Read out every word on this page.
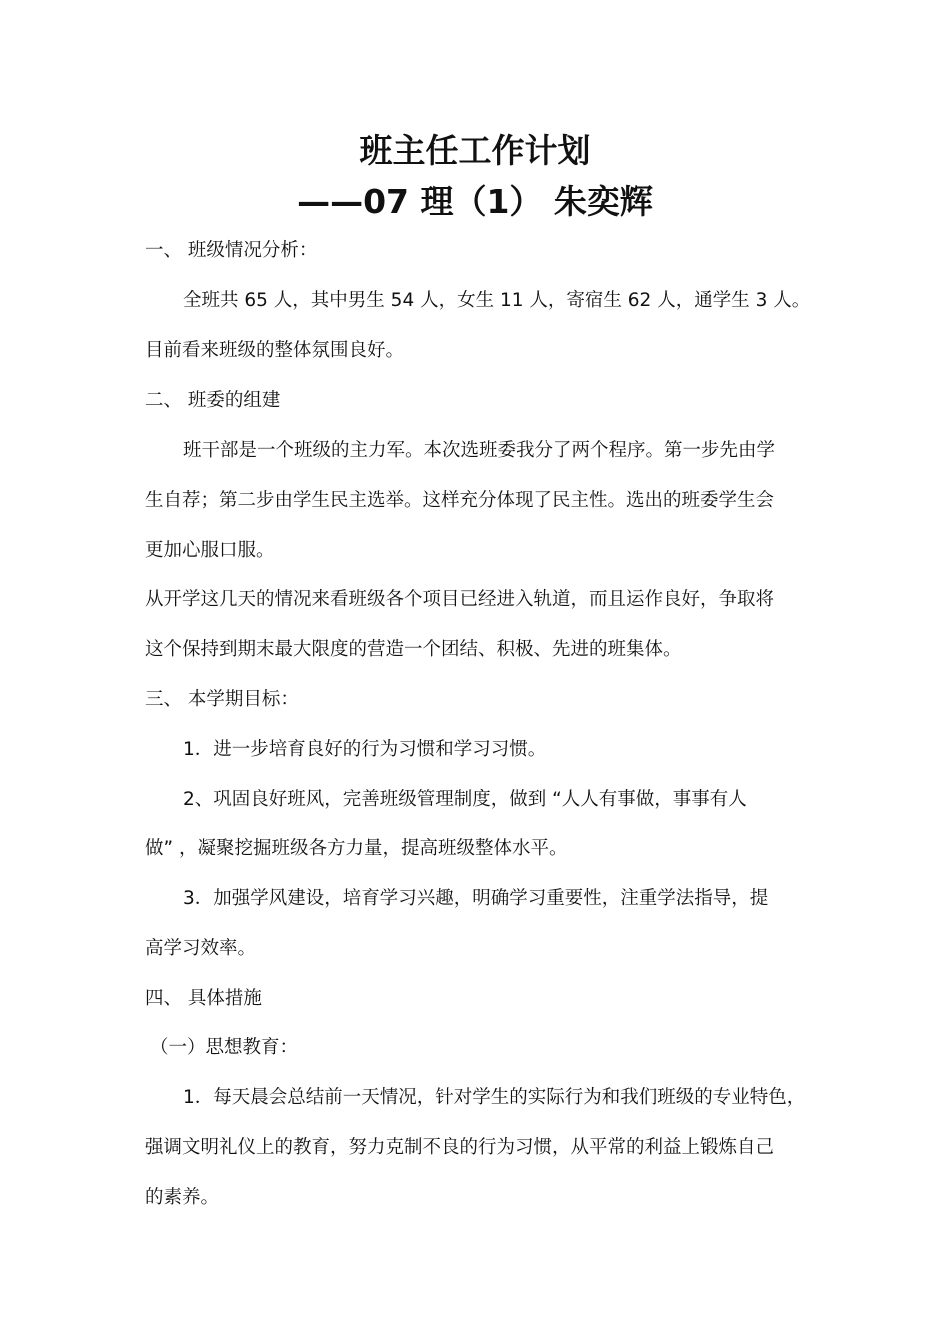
班主任工作计划
——07 理（1） 朱奕辉
一、 班级情况分析：
全班共 65 人，其中男生 54 人，女生 11 人，寄宿生 62 人，通学生 3 人。
目前看来班级的整体氛围良好。
二、 班委的组建
班干部是一个班级的主力军。本次选班委我分了两个程序。第一步先由学
生自荐；第二步由学生民主选举。这样充分体现了民主性。选出的班委学生会
更加心服口服。
从开学这几天的情况来看班级各个项目已经进入轨道，而且运作良好，争取将
这个保持到期末最大限度的营造一个团结、积极、先进的班集体。
三、 本学期目标：
1．进一步培育良好的行为习惯和学习习惯。
2、巩固良好班风，完善班级管理制度，做到 “人人有事做，事事有人
做” ，凝聚挖掘班级各方力量，提高班级整体水平。
3．加强学风建设，培育学习兴趣，明确学习重要性，注重学法指导，提
高学习效率。
四、 具体措施
（一）思想教育：
1．每天晨会总结前一天情况，针对学生的实际行为和我们班级的专业特色，
强调文明礼仪上的教育，努力克制不良的行为习惯，从平常的利益上锻炼自己
的素养。
